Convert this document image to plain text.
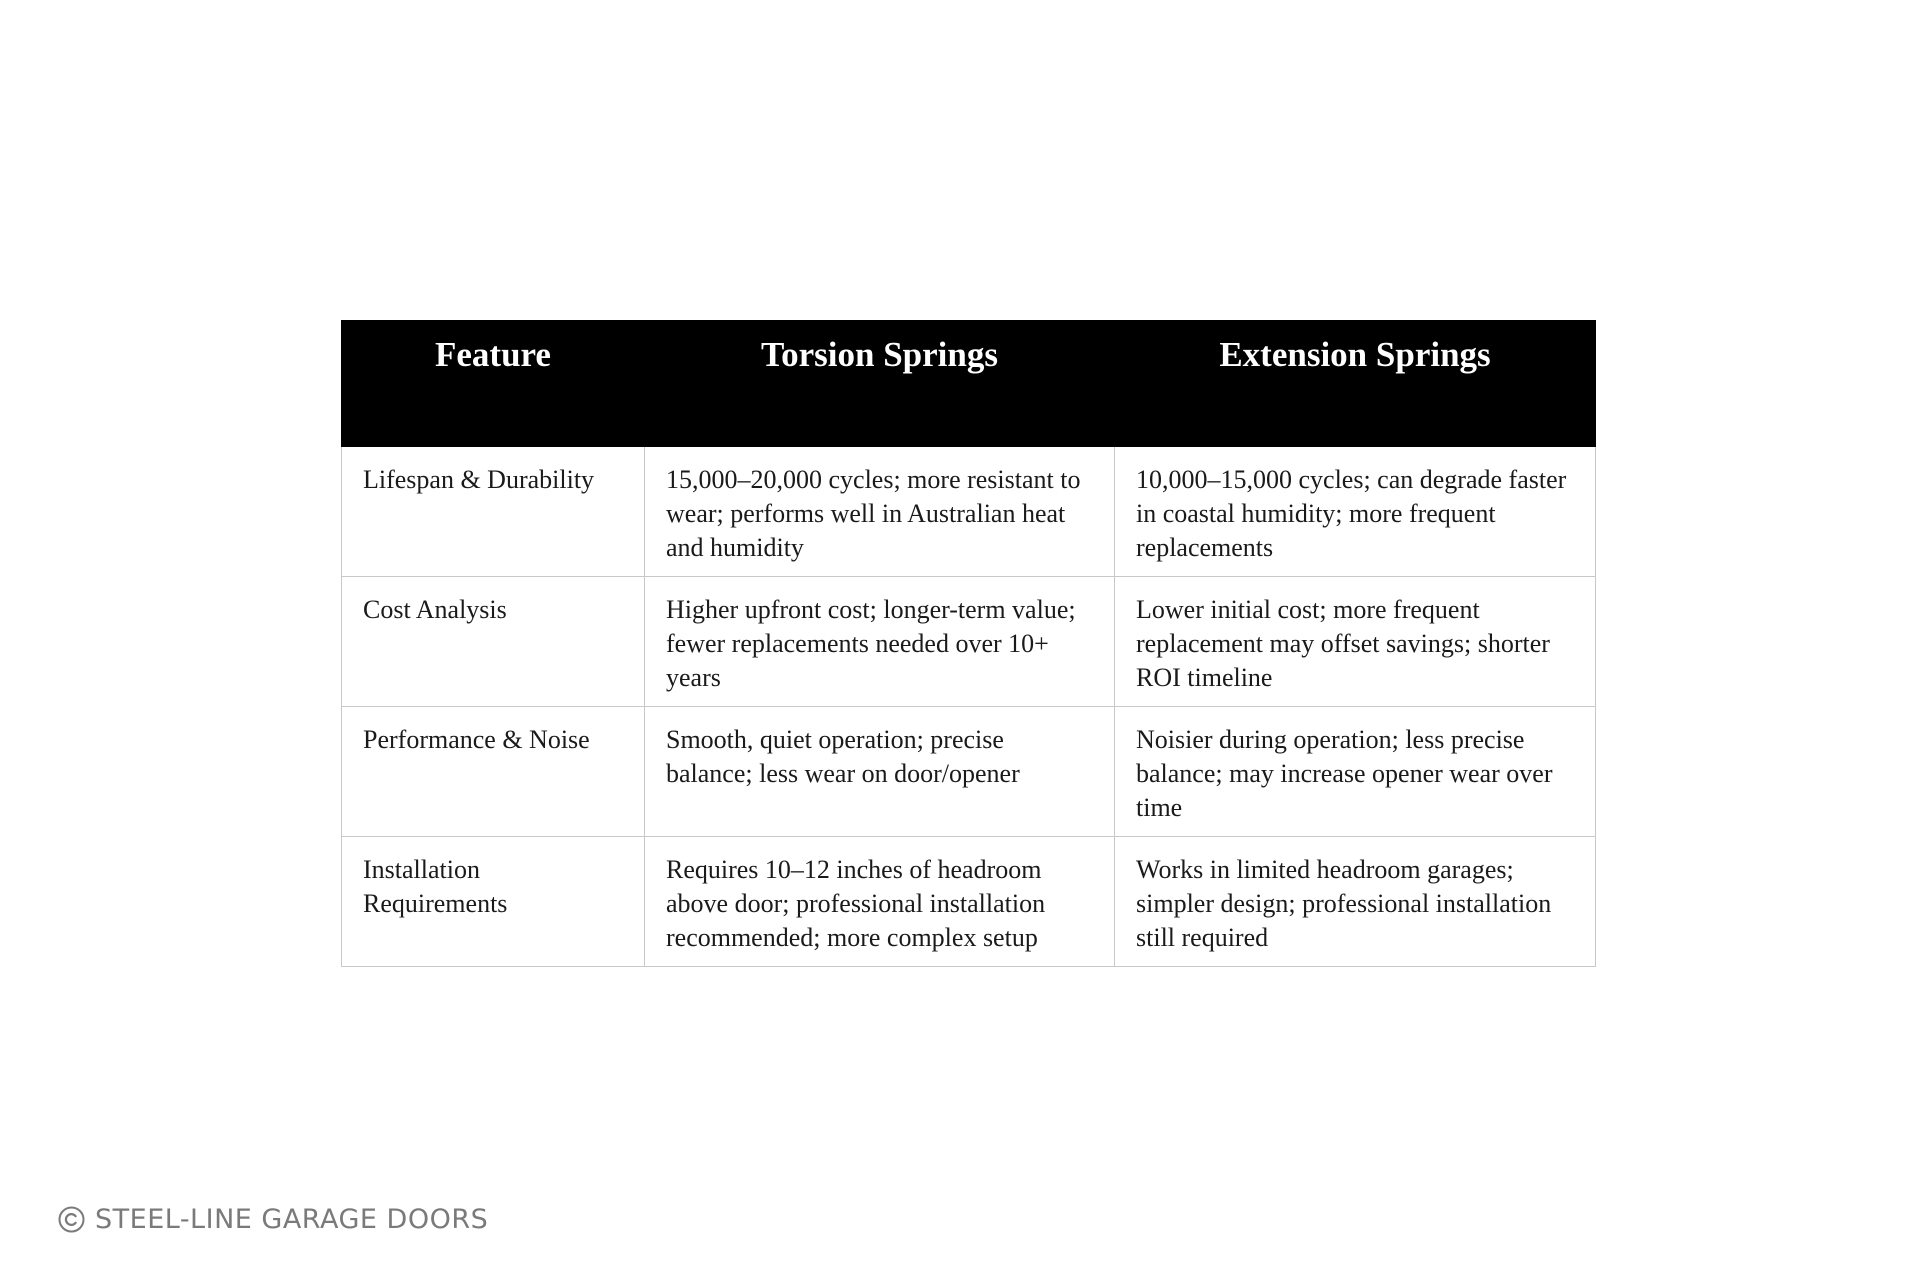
Feature	Torsion Springs	Extension Springs
Lifespan & Durability	15,000–20,000 cycles; more resistant to wear; performs well in Australian heat and humidity	10,000–15,000 cycles; can degrade faster in coastal humidity; more frequent replacements
Cost Analysis	Higher upfront cost; longer-term value; fewer replacements needed over 10+ years	Lower initial cost; more frequent replacement may offset savings; shorter ROI timeline
Performance & Noise	Smooth, quiet operation; precise balance; less wear on door/opener	Noisier during operation; less precise balance; may increase opener wear over time
Installation Requirements	Requires 10–12 inches of headroom above door; professional installation recommended; more complex setup	Works in limited headroom garages; simpler design; professional installation still required
STEEL-LINE GARAGE DOORS
